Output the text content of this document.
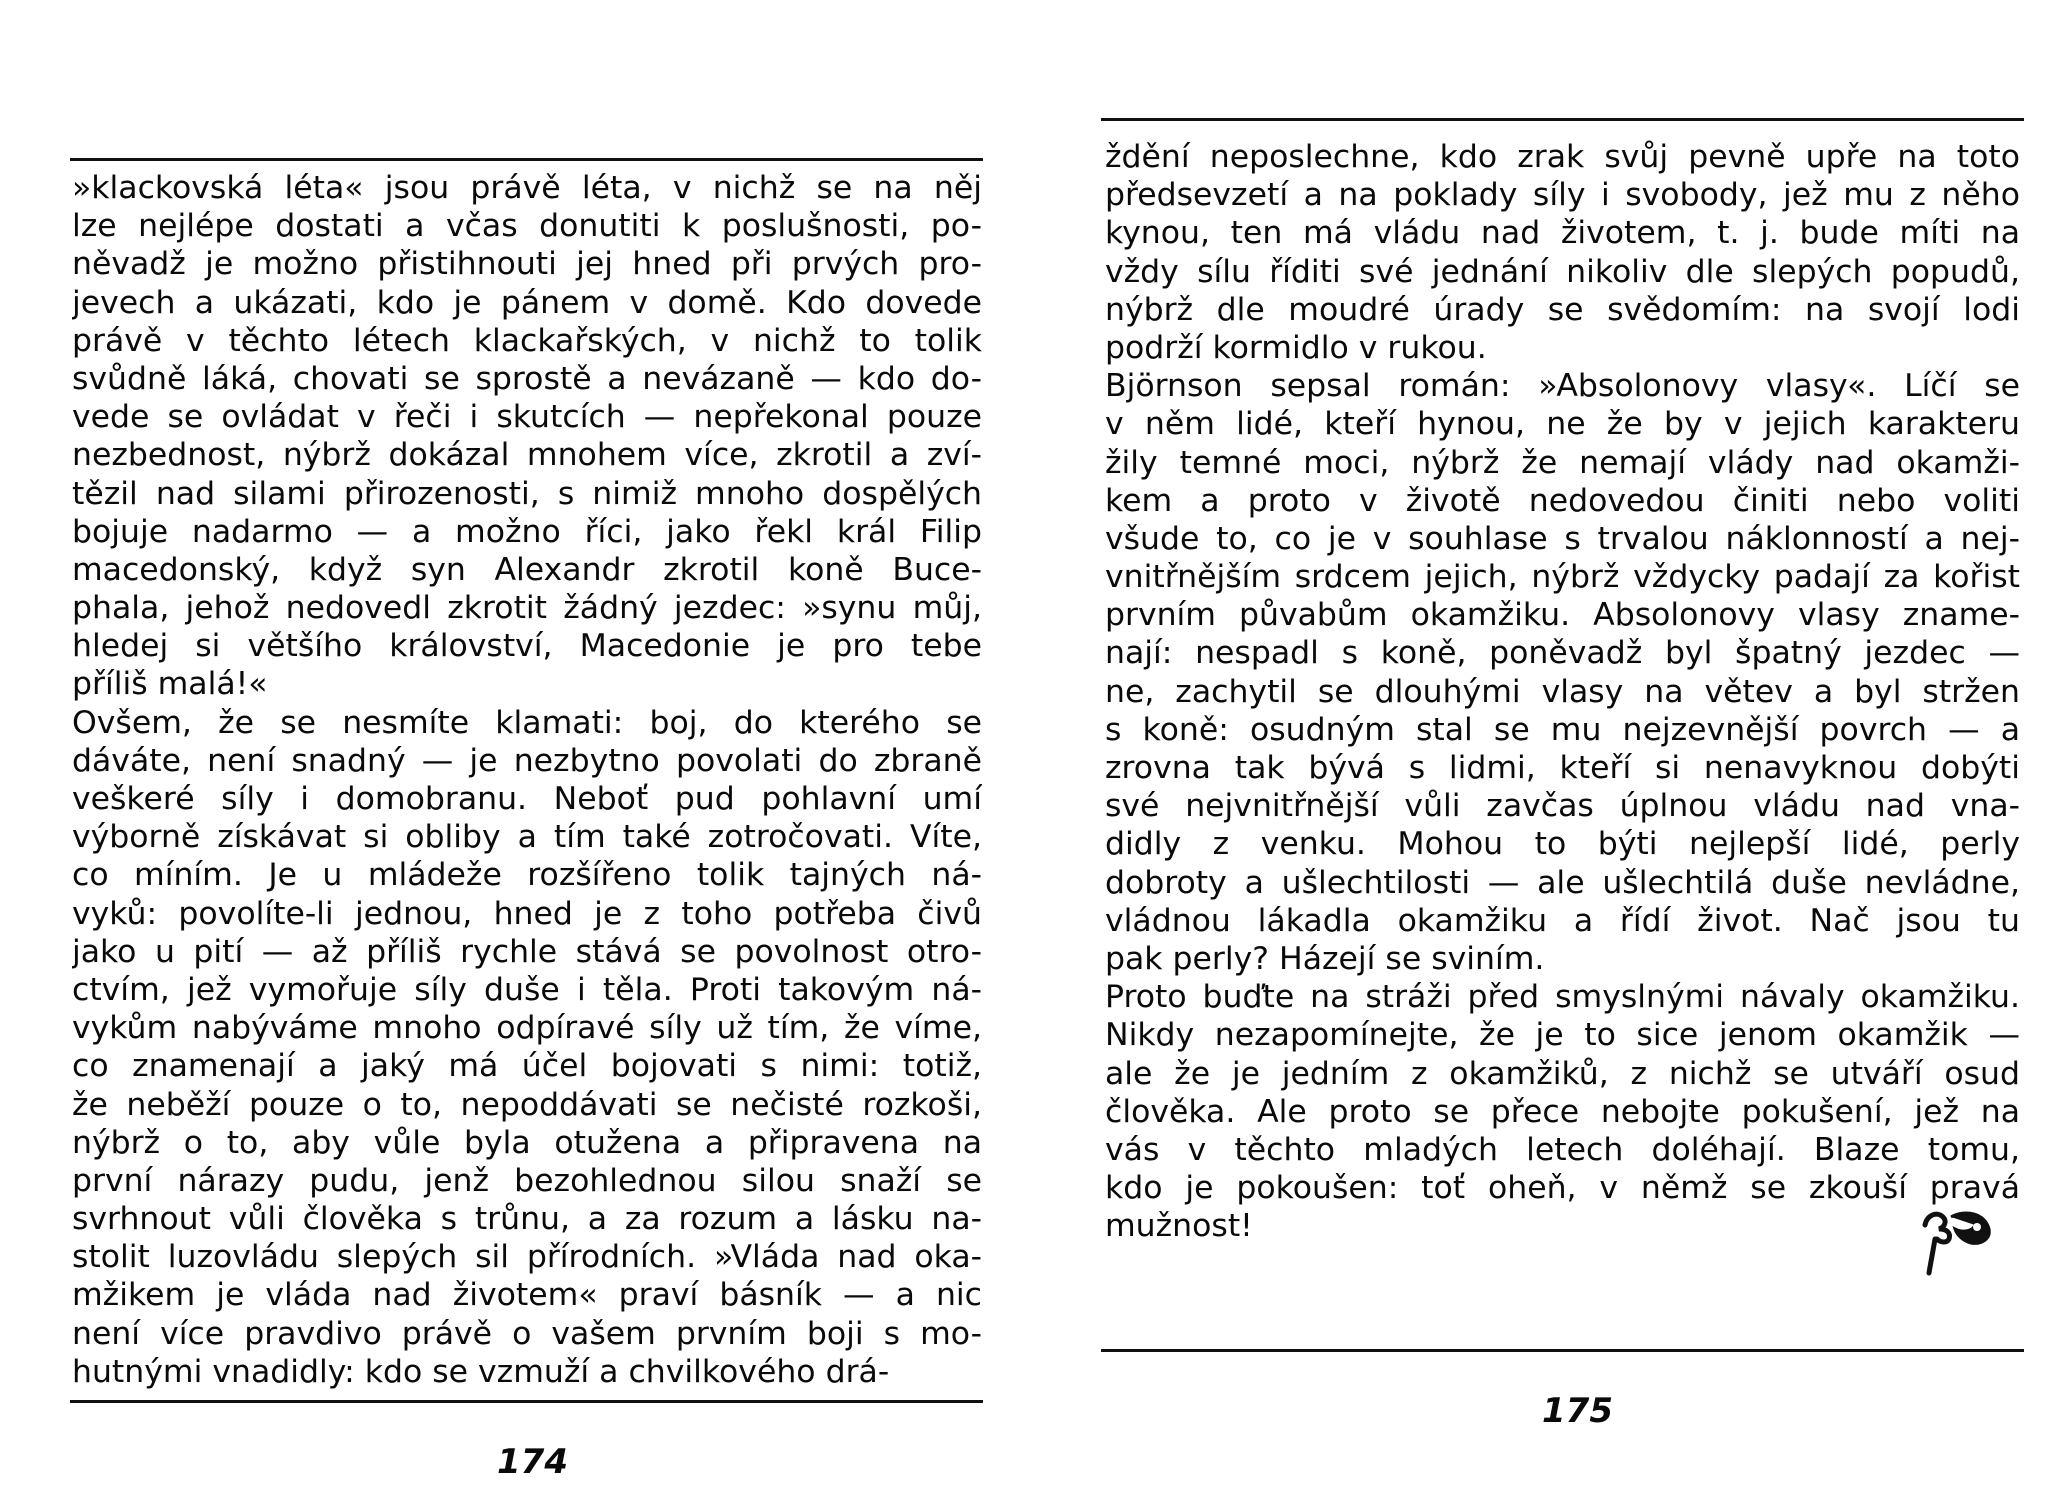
»klackovská léta« jsou právě léta, v nichž se na něj
lze nejlépe dostati a včas donutiti k poslušnosti, po-
něvadž je možno přistihnouti jej hned při prvých pro-
jevech a ukázati, kdo je pánem v domě. Kdo dovede
právě v těchto létech klackařských, v nichž to tolik
svůdně láká, chovati se sprostě a nevázaně — kdo do-
vede se ovládat v řeči i skutcích — nepřekonal pouze
nezbednost, nýbrž dokázal mnohem více, zkrotil a zví-
tězil nad silami přirozenosti, s nimiž mnoho dospělých
bojuje nadarmo — a možno říci, jako řekl král Filip
macedonský, když syn Alexandr zkrotil koně Buce-
phala, jehož nedovedl zkrotit žádný jezdec: »synu můj,
hledej si většího království, Macedonie je pro tebe
příliš malá!«
Ovšem, že se nesmíte klamati: boj, do kterého se
dáváte, není snadný — je nezbytno povolati do zbraně
veškeré síly i domobranu. Neboť pud pohlavní umí
výborně získávat si obliby a tím také zotročovati. Víte,
co míním. Je u mládeže rozšířeno tolik tajných ná-
vyků: povolíte-li jednou, hned je z toho potřeba čivů
jako u pití — až příliš rychle stává se povolnost otro-
ctvím, jež vymořuje síly duše i těla. Proti takovým ná-
vykům nabýváme mnoho odpíravé síly už tím, že víme,
co znamenají a jaký má účel bojovati s nimi: totiž,
že neběží pouze o to, nepoddávati se nečisté rozkoši,
nýbrž o to, aby vůle byla otužena a připravena na
první nárazy pudu, jenž bezohlednou silou snaží se
svrhnout vůli člověka s trůnu, a za rozum a lásku na-
stolit luzovládu slepých sil přírodních. »Vláda nad oka-
mžikem je vláda nad životem« praví básník — a nic
není více pravdivo právě o vašem prvním boji s mo-
hutnými vnadidly: kdo se vzmuží a chvilkového drá-
174
ždění neposlechne, kdo zrak svůj pevně upře na toto
předsevzetí a na poklady síly i svobody, jež mu z něho
kynou, ten má vládu nad životem, t. j. bude míti na
vždy sílu říditi své jednání nikoliv dle slepých popudů,
nýbrž dle moudré úrady se svědomím: na svojí lodi
podrží kormidlo v rukou.
Björnson sepsal román: »Absolonovy vlasy«. Líčí se
v něm lidé, kteří hynou, ne že by v jejich karakteru
žily temné moci, nýbrž že nemají vlády nad okamži-
kem a proto v životě nedovedou činiti nebo voliti
všude to, co je v souhlase s trvalou náklonností a nej-
vnitřnějším srdcem jejich, nýbrž vždycky padají za kořist
prvním půvabům okamžiku. Absolonovy vlasy zname-
nají: nespadl s koně, poněvadž byl špatný jezdec —
ne, zachytil se dlouhými vlasy na větev a byl stržen
s koně: osudným stal se mu nejzevnější povrch — a
zrovna tak bývá s lidmi, kteří si nenavyknou dobýti
své nejvnitřnější vůli zavčas úplnou vládu nad vna-
didly z venku. Mohou to býti nejlepší lidé, perly
dobroty a ušlechtilosti — ale ušlechtilá duše nevládne,
vládnou lákadla okamžiku a řídí život. Nač jsou tu
pak perly? Házejí se sviním.
Proto buďte na stráži před smyslnými návaly okamžiku.
Nikdy nezapomínejte, že je to sice jenom okamžik —
ale že je jedním z okamžiků, z nichž se utváří osud
člověka. Ale proto se přece nebojte pokušení, jež na
vás v těchto mladých letech doléhají. Blaze tomu,
kdo je pokoušen: toť oheň, v němž se zkouší pravá
mužnost!
175
